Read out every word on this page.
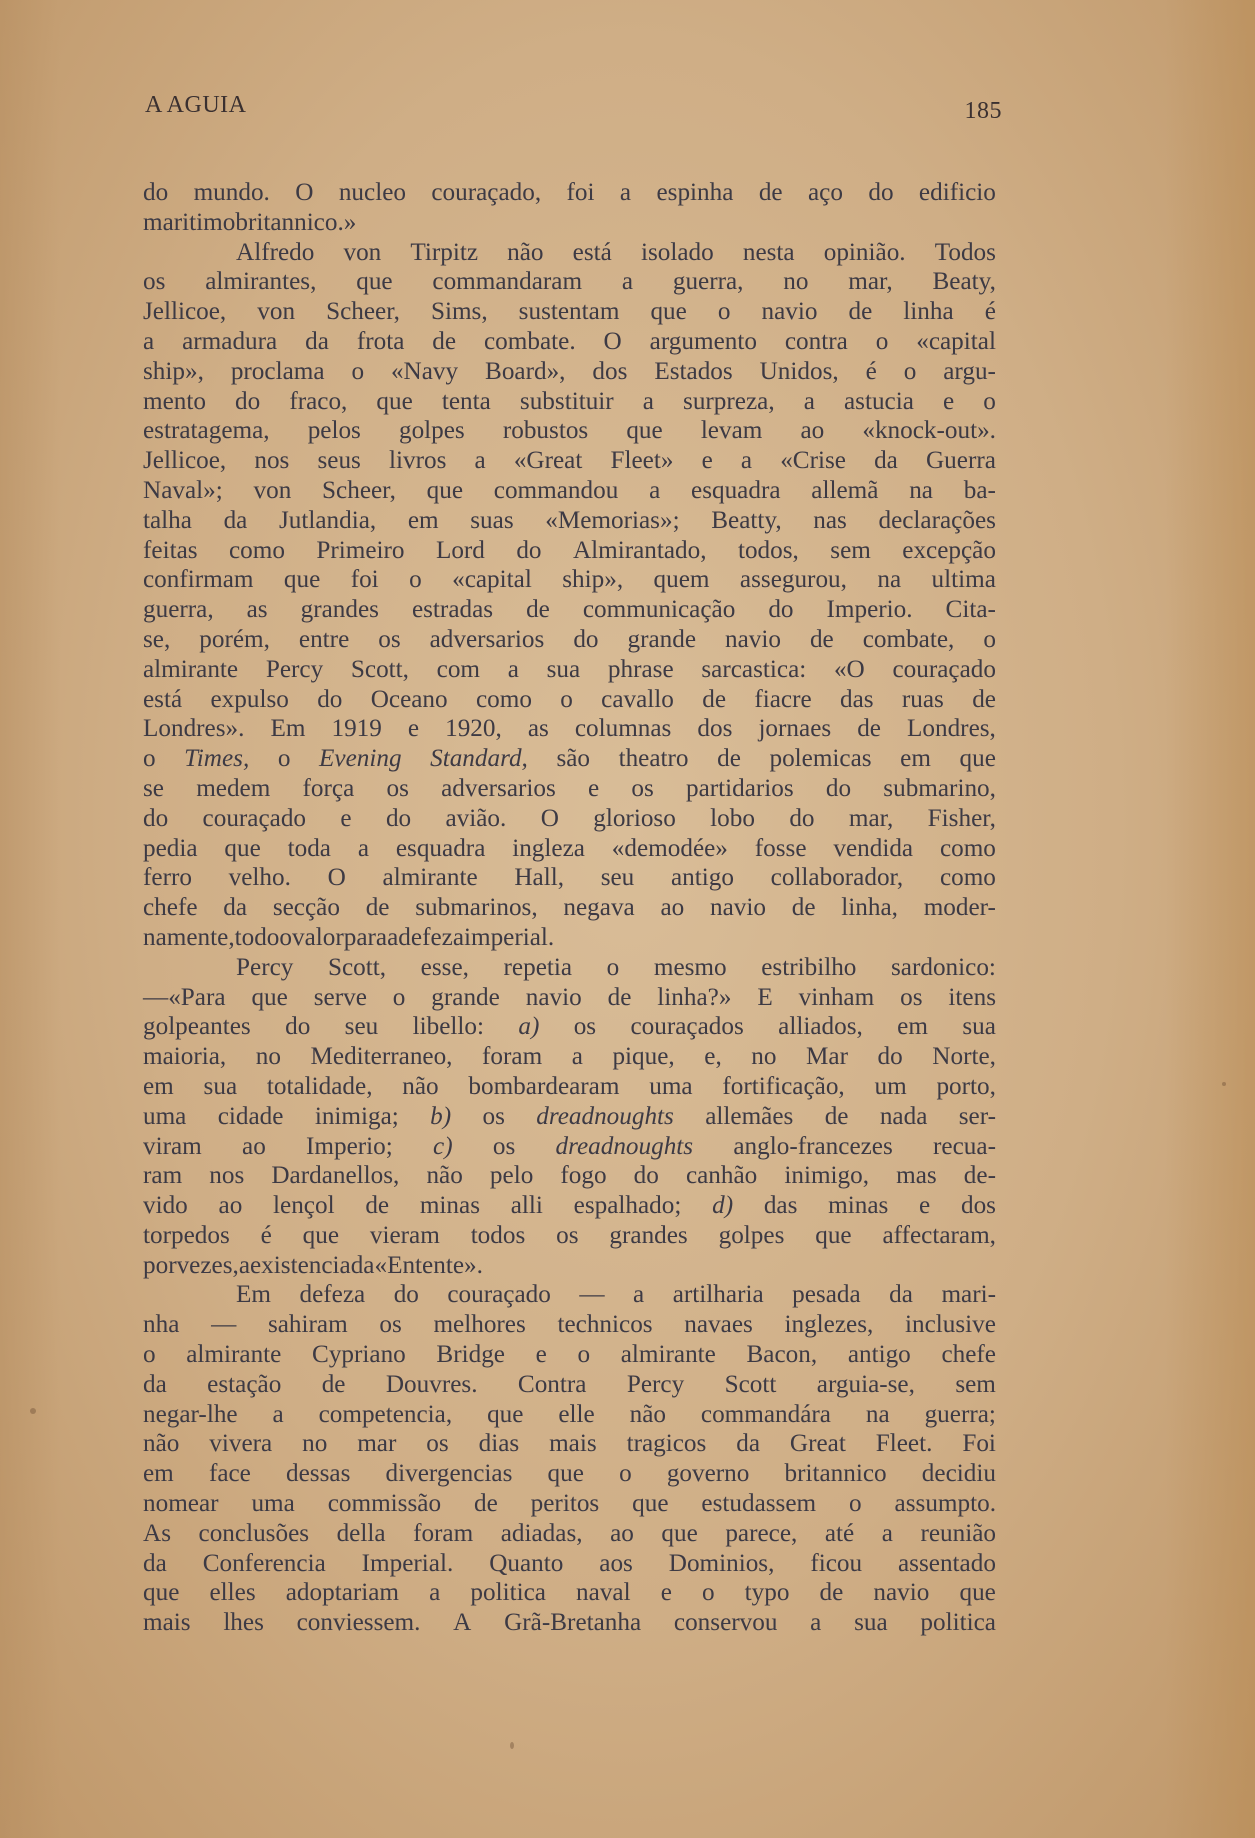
A AGUIA	185
do mundo. O nucleo couraçado, foi a espinha de aço do edificio
maritimo britannico.»
Alfredo von Tirpitz não está isolado nesta opinião. Todos
os almirantes, que commandaram a guerra, no mar, Beaty,
Jellicoe, von Scheer, Sims, sustentam que o navio de linha é
a armadura da frota de combate. O argumento contra o «capital
ship», proclama o «Navy Board», dos Estados Unidos, é o argu-
mento do fraco, que tenta substituir a surpreza, a astucia e o
estratagema, pelos golpes robustos que levam ao «knock-out».
Jellicoe, nos seus livros a «Great Fleet» e a «Crise da Guerra
Naval»; von Scheer, que commandou a esquadra allemã na ba-
talha da Jutlandia, em suas «Memorias»; Beatty, nas declarações
feitas como Primeiro Lord do Almirantado, todos, sem excepção
confirmam que foi o «capital ship», quem assegurou, na ultima
guerra, as grandes estradas de communicação do Imperio. Cita-
se, porém, entre os adversarios do grande navio de combate, o
almirante Percy Scott, com a sua phrase sarcastica: «O couraçado
está expulso do Oceano como o cavallo de fiacre das ruas de
Londres». Em 1919 e 1920, as columnas dos jornaes de Londres,
o Times, o Evening Standard, são theatro de polemicas em que
se medem força os adversarios e os partidarios do submarino,
do couraçado e do avião. O glorioso lobo do mar, Fisher,
pedia que toda a esquadra ingleza «demodée» fosse vendida como
ferro velho. O almirante Hall, seu antigo collaborador, como
chefe da secção de submarinos, negava ao navio de linha, moder-
namente, todo o valor para a defeza imperial.
Percy Scott, esse, repetia o mesmo estribilho sardonico:
—«Para que serve o grande navio de linha?» E vinham os itens
golpeantes do seu libello: a) os couraçados alliados, em sua
maioria, no Mediterraneo, foram a pique, e, no Mar do Norte,
em sua totalidade, não bombardearam uma fortificação, um porto,
uma cidade inimiga; b) os dreadnoughts allemães de nada ser-
viram ao Imperio; c) os dreadnoughts anglo-francezes recua-
ram nos Dardanellos, não pelo fogo do canhão inimigo, mas de-
vido ao lençol de minas alli espalhado; d) das minas e dos
torpedos é que vieram todos os grandes golpes que affectaram,
por vezes, a existencia da «Entente».
Em defeza do couraçado — a artilharia pesada da mari-
nha — sahiram os melhores technicos navaes inglezes, inclusive
o almirante Cypriano Bridge e o almirante Bacon, antigo chefe
da estação de Douvres. Contra Percy Scott arguia-se, sem
negar-lhe a competencia, que elle não commandára na guerra;
não vivera no mar os dias mais tragicos da Great Fleet. Foi
em face dessas divergencias que o governo britannico decidiu
nomear uma commissão de peritos que estudassem o assumpto.
As conclusões della foram adiadas, ao que parece, até a reunião
da Conferencia Imperial. Quanto aos Dominios, ficou assentado
que elles adoptariam a politica naval e o typo de navio que
mais lhes conviessem. A Grã-Bretanha conservou a sua politica
